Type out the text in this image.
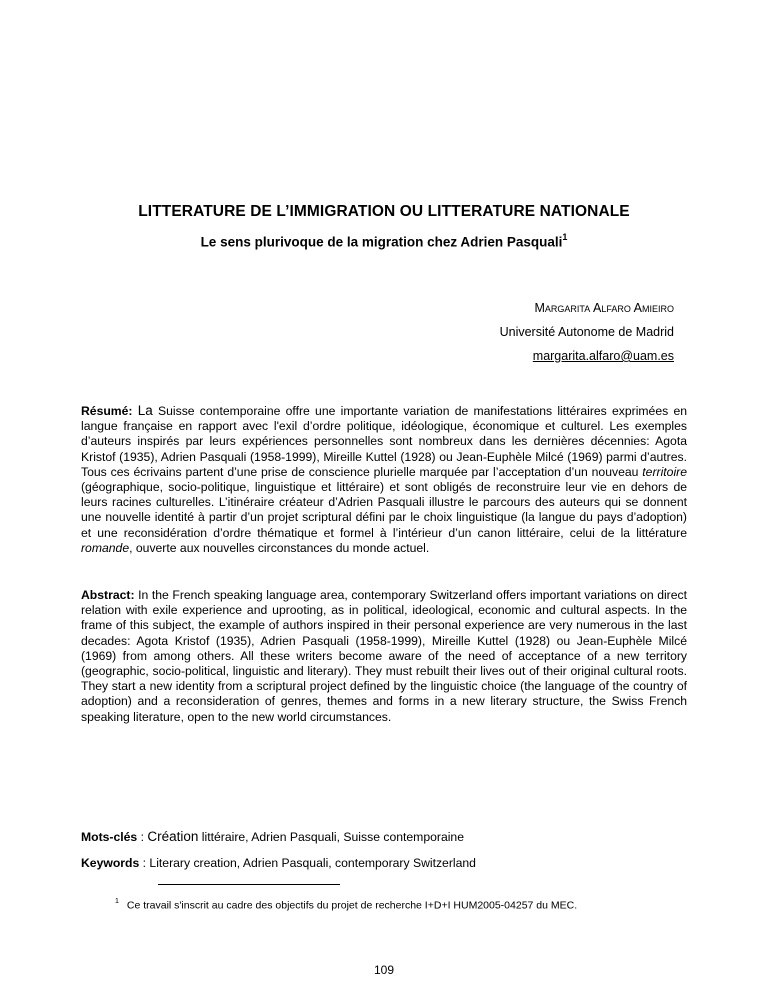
LITTERATURE DE L’IMMIGRATION OU LITTERATURE NATIONALE
Le sens plurivoque de la migration chez Adrien Pasquali$^1$
Margarita Alfaro Amieiro
Université Autonome de Madrid
margarita.alfaro@uam.es

Résumé: La Suisse contemporaine offre une importante variation de manifestations littéraires exprimées en langue française en rapport avec l'exil d’ordre politique, idéologique, économique et culturel. Les exemples d’auteurs inspirés par leurs expériences personnelles sont nombreux dans les dernières décennies: Agota Kristof (1935), Adrien Pasquali (1958-1999), Mireille Kuttel (1928) ou Jean-Euphèle Milcé (1969) parmi d’autres. Tous ces écrivains partent d’une prise de conscience plurielle marquée par l’acceptation d’un nouveau territoire (géographique, socio-politique, linguistique et littéraire) et sont obligés de reconstruire leur vie en dehors de leurs racines culturelles. L’itinéraire créateur d’Adrien Pasquali illustre le parcours des auteurs qui se donnent une nouvelle identité à partir d’un projet scriptural défini par le choix linguistique (la langue du pays d’adoption) et une reconsidération d’ordre thématique et formel à l’intérieur d’un canon littéraire, celui de la littérature romande, ouverte aux nouvelles circonstances du monde actuel.

Abstract: In the French speaking language area, contemporary Switzerland offers important variations on direct relation with exile experience and uprooting, as in political, ideological, economic and cultural aspects. In the frame of this subject, the example of authors inspired in their personal experience are very numerous in the last decades: Agota Kristof (1935), Adrien Pasquali (1958-1999), Mireille Kuttel (1928) ou Jean-Euphèle Milcé (1969) from among others. All these writers become aware of the need of acceptance of a new territory (geographic, socio-political, linguistic and literary). They must rebuilt their lives out of their original cultural roots. They start a new identity from a scriptural project defined by the linguistic choice (the language of the country of adoption) and a reconsideration of genres, themes and forms in a new literary structure, the Swiss French speaking literature, open to the new world circumstances.

Mots-clés : Création littéraire, Adrien Pasquali, Suisse contemporaine

Keywords : Literary creation, Adrien Pasquali, contemporary Switzerland

$^1$ Ce travail s'inscrit au cadre des objectifs du projet de recherche I+D+I HUM2005-04257 du MEC.

109
